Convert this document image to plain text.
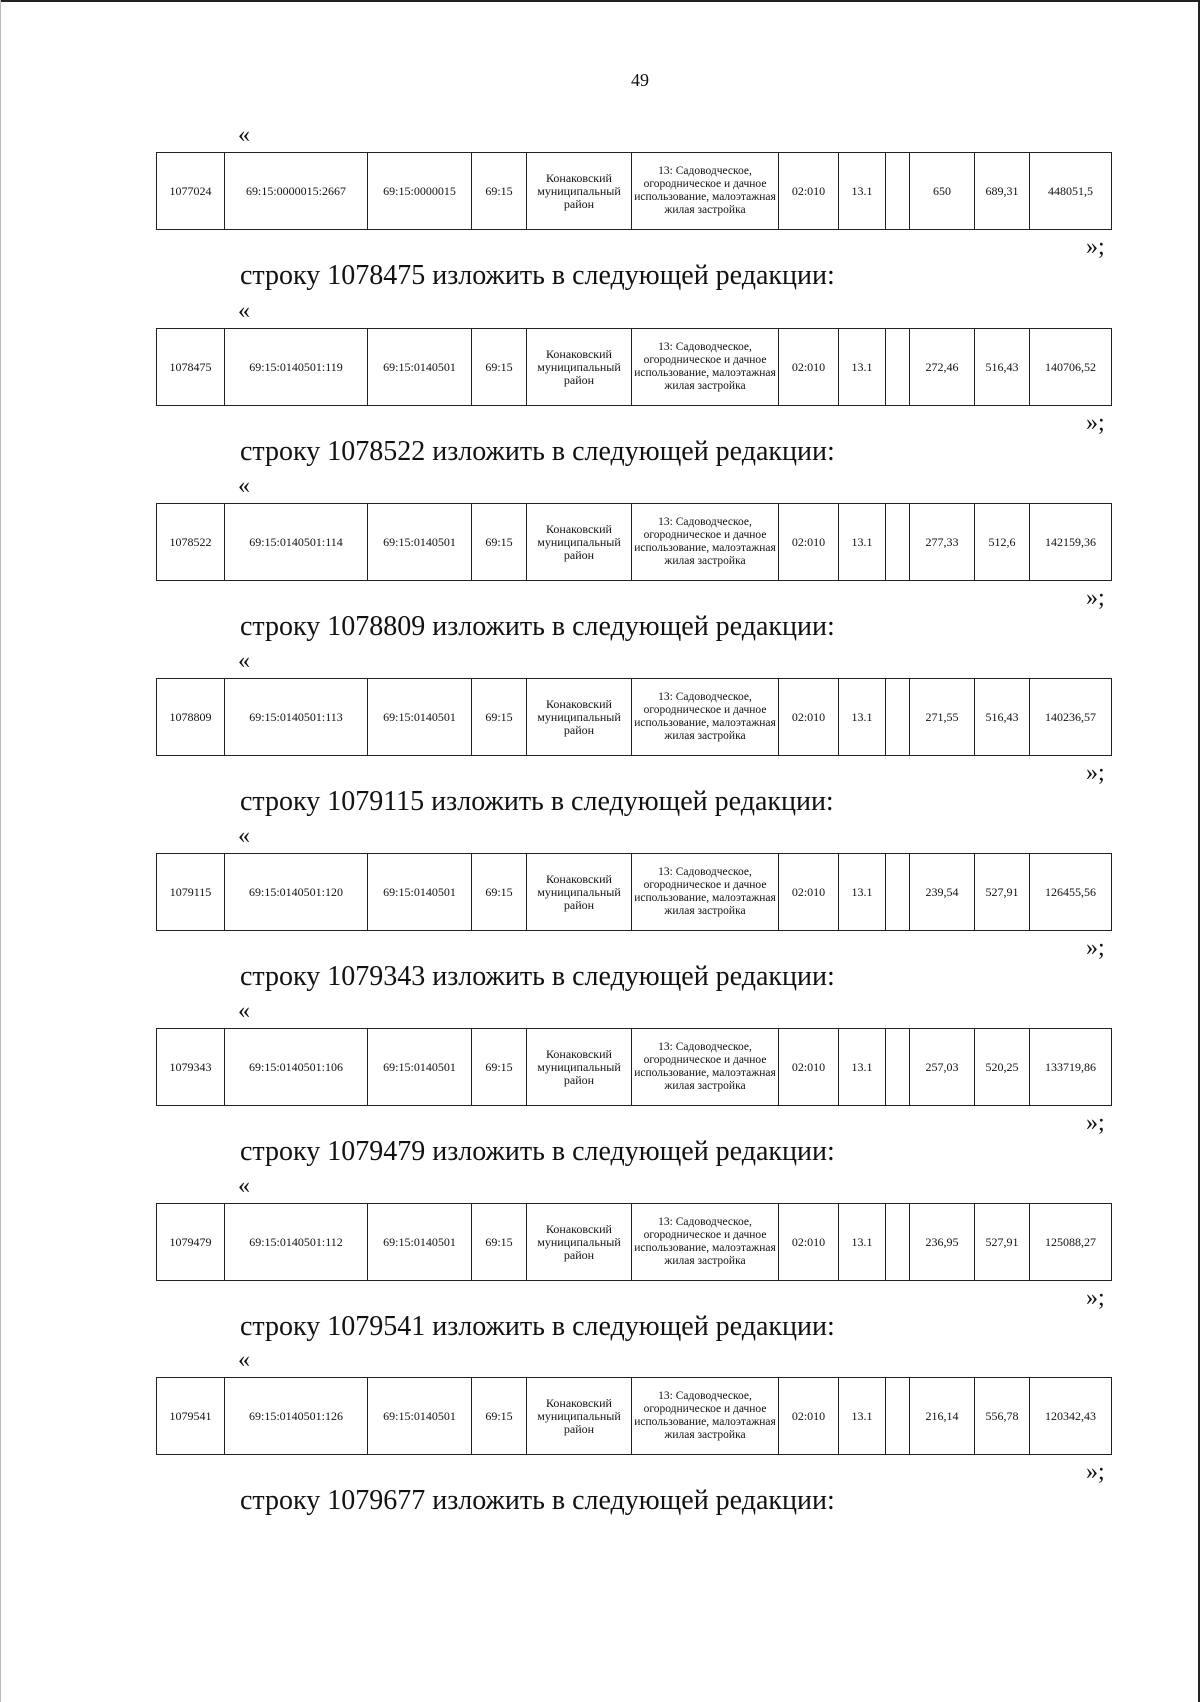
49
«
1077024	69:15:0000015:2667	69:15:0000015	69:15	Конаковский муниципальный район	13: Садоводческое, огородническое и дачное использование, малоэтажная жилая застройка	02:010	13.1		650	689,31	448051,5
»;
«
1078475	69:15:0140501:119	69:15:0140501	69:15	Конаковский муниципальный район	13: Садоводческое, огородническое и дачное использование, малоэтажная жилая застройка	02:010	13.1		272,46	516,43	140706,52
»;
«
1078522	69:15:0140501:114	69:15:0140501	69:15	Конаковский муниципальный район	13: Садоводческое, огородническое и дачное использование, малоэтажная жилая застройка	02:010	13.1		277,33	512,6	142159,36
»;
«
1078809	69:15:0140501:113	69:15:0140501	69:15	Конаковский муниципальный район	13: Садоводческое, огородническое и дачное использование, малоэтажная жилая застройка	02:010	13.1		271,55	516,43	140236,57
»;
«
1079115	69:15:0140501:120	69:15:0140501	69:15	Конаковский муниципальный район	13: Садоводческое, огородническое и дачное использование, малоэтажная жилая застройка	02:010	13.1		239,54	527,91	126455,56
»;
«
1079343	69:15:0140501:106	69:15:0140501	69:15	Конаковский муниципальный район	13: Садоводческое, огородническое и дачное использование, малоэтажная жилая застройка	02:010	13.1		257,03	520,25	133719,86
»;
«
1079479	69:15:0140501:112	69:15:0140501	69:15	Конаковский муниципальный район	13: Садоводческое, огородническое и дачное использование, малоэтажная жилая застройка	02:010	13.1		236,95	527,91	125088,27
»;
«
1079541	69:15:0140501:126	69:15:0140501	69:15	Конаковский муниципальный район	13: Садоводческое, огородническое и дачное использование, малоэтажная жилая застройка	02:010	13.1		216,14	556,78	120342,43
»;
строку 1078475 изложить в следующей редакции:
строку 1078522 изложить в следующей редакции:
строку 1078809 изложить в следующей редакции:
строку 1079115 изложить в следующей редакции:
строку 1079343 изложить в следующей редакции:
строку 1079479 изложить в следующей редакции:
строку 1079541 изложить в следующей редакции:
строку 1079677 изложить в следующей редакции:
